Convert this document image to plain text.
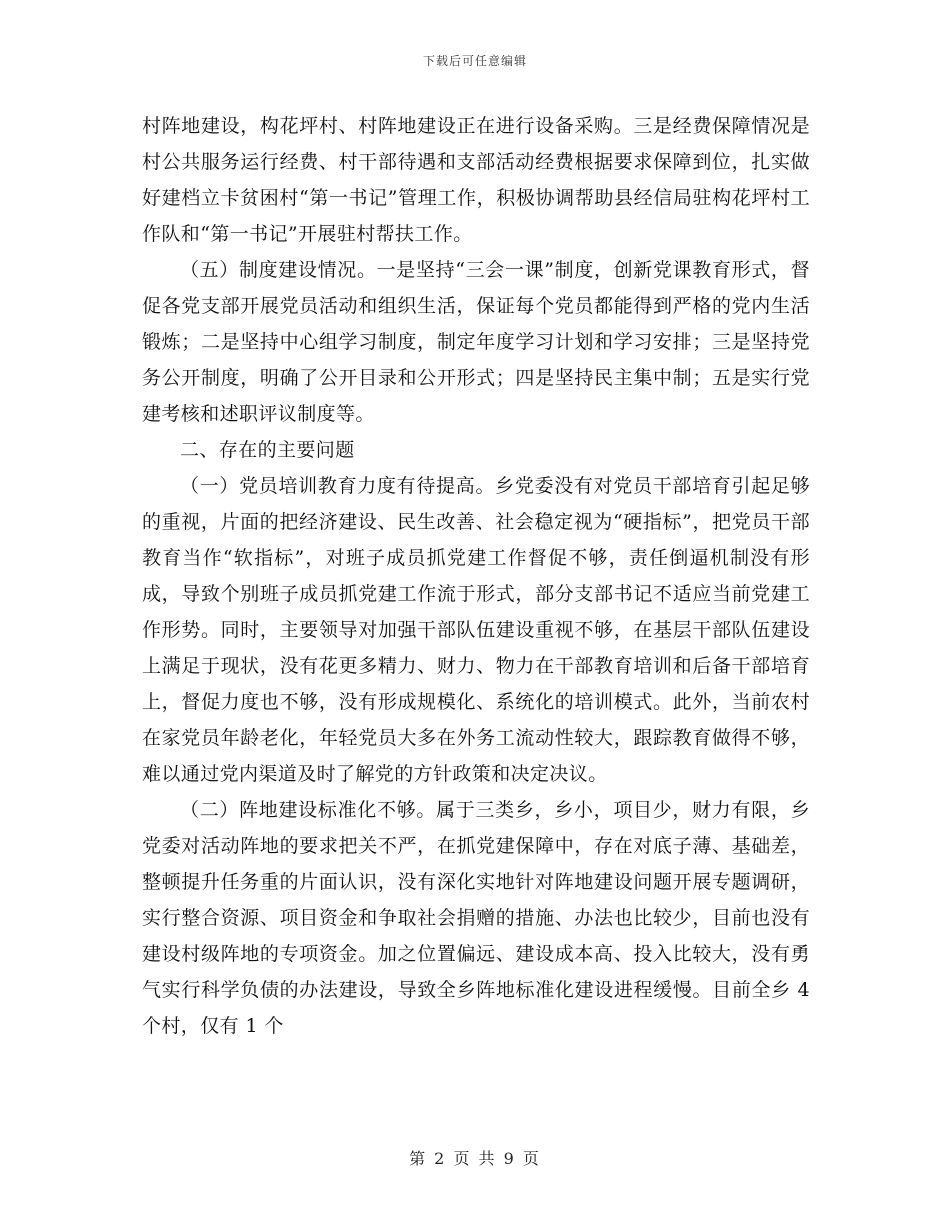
下载后可任意编辑

村阵地建设，构花坪村、村阵地建设正在进行设备采购。三是经费保障情况是村公共服务运行经费、村干部待遇和支部活动经费根据要求保障到位，扎实做好建档立卡贫困村“第一书记”管理工作，积极协调帮助县经信局驻构花坪村工作队和“第一书记”开展驻村帮扶工作。

（五）制度建设情况。一是坚持“三会一课”制度，创新党课教育形式，督促各党支部开展党员活动和组织生活，保证每个党员都能得到严格的党内生活锻炼；二是坚持中心组学习制度，制定年度学习计划和学习安排；三是坚持党务公开制度，明确了公开目录和公开形式；四是坚持民主集中制；五是实行党建考核和述职评议制度等。

二、存在的主要问题

（一）党员培训教育力度有待提高。乡党委没有对党员干部培育引起足够的重视，片面的把经济建设、民生改善、社会稳定视为“硬指标”，把党员干部教育当作“软指标”，对班子成员抓党建工作督促不够，责任倒逼机制没有形成，导致个别班子成员抓党建工作流于形式，部分支部书记不适应当前党建工作形势。同时，主要领导对加强干部队伍建设重视不够，在基层干部队伍建设上满足于现状，没有花更多精力、财力、物力在干部教育培训和后备干部培育上，督促力度也不够，没有形成规模化、系统化的培训模式。此外，当前农村在家党员年龄老化，年轻党员大多在外务工流动性较大，跟踪教育做得不够，难以通过党内渠道及时了解党的方针政策和决定决议。

（二）阵地建设标准化不够。属于三类乡，乡小，项目少，财力有限，乡党委对活动阵地的要求把关不严，在抓党建保障中，存在对底子薄、基础差，整顿提升任务重的片面认识，没有深化实地针对阵地建设问题开展专题调研，实行整合资源、项目资金和争取社会捐赠的措施、办法也比较少，目前也没有建设村级阵地的专项资金。加之位置偏远、建设成本高、投入比较大，没有勇气实行科学负债的办法建设，导致全乡阵地标准化建设进程缓慢。目前全乡 4 个村，仅有 1 个

第 2 页 共 9 页
